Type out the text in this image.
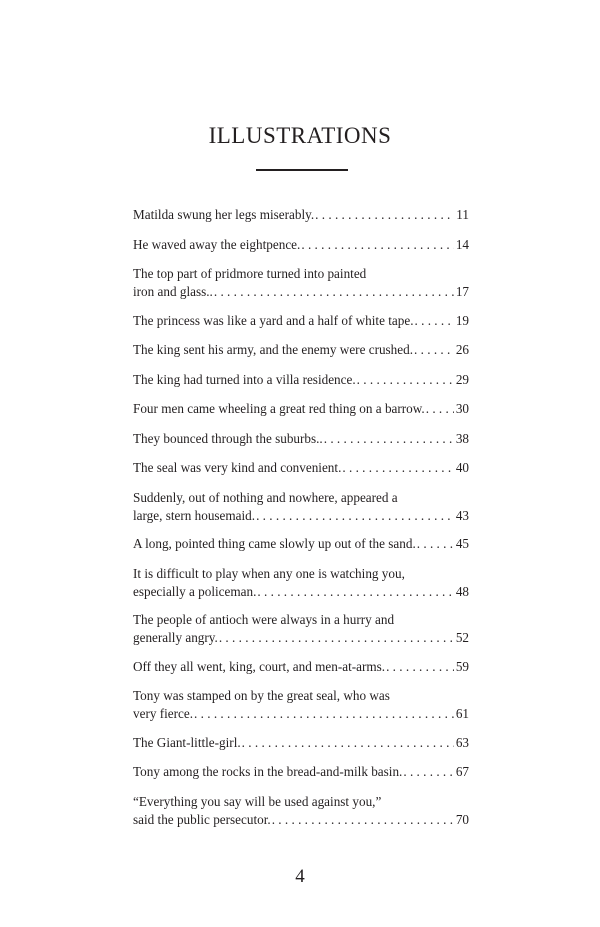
ILLUSTRATIONS
Matilda swung her legs miserably. . . .	11
He waved away the eightpence. . . .	14
The top part of pridmore turned into painted
iron and glass.. . . .	17
The princess was like a yard and a half of white tape. . . .	19
The king sent his army, and the enemy were crushed. . . .	26
The king had turned into a villa residence. . . .	29
Four men came wheeling a great red thing on a barrow. . . . 30
They bounced through the suburbs.. . . .	38
The seal was very kind and convenient. . . .	40
Suddenly, out of nothing and nowhere, appeared a
large, stern housemaid. . . .	43
A long, pointed thing came slowly up out of the sand. . . .	45
It is difficult to play when any one is watching you,
especially a policeman. . . .	48
The people of antioch were always in a hurry and
generally angry. . . .	52
Off they all went, king, court, and men-at-arms. . . .	59
Tony was stamped on by the great seal, who was
very fierce. . . .	61
The Giant-little-girl. . . .	63
Tony among the rocks in the bread-and-milk basin. . . .	67
“Everything you say will be used against you,”
said the public persecutor. . . .	70
4
